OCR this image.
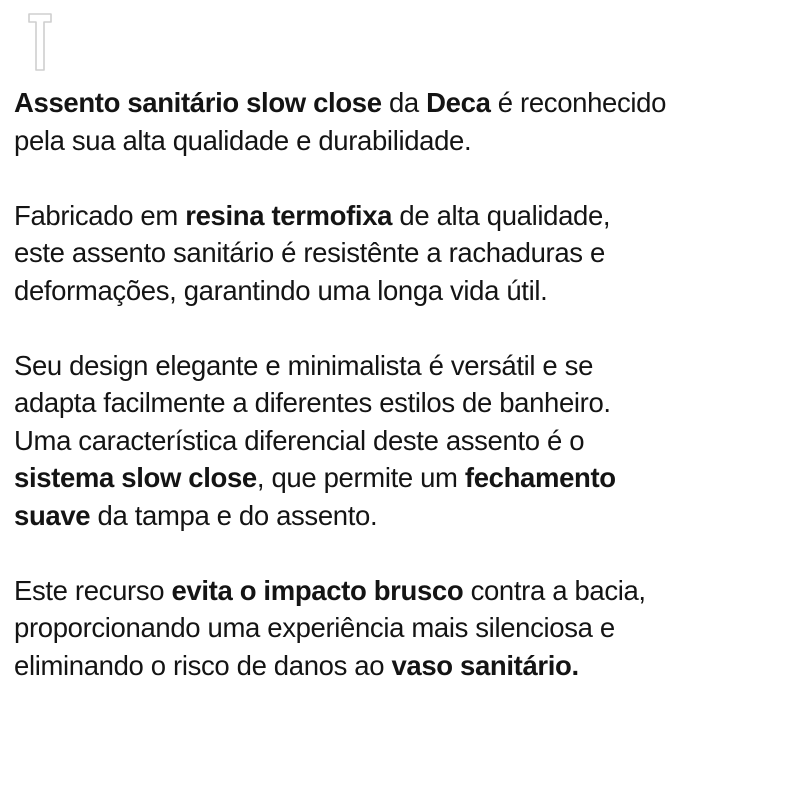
Assento sanitário slow close da Deca é reconhecido
pela sua alta qualidade e durabilidade.

Fabricado em resina termofixa de alta qualidade,
este assento sanitário é resistênte a rachaduras e
deformações, garantindo uma longa vida útil.

Seu design elegante e minimalista é versátil e se
adapta facilmente a diferentes estilos de banheiro.
Uma característica diferencial deste assento é o
sistema slow close, que permite um fechamento
suave da tampa e do assento.

Este recurso evita o impacto brusco contra a bacia,
proporcionando uma experiência mais silenciosa e
eliminando o risco de danos ao vaso sanitário.
